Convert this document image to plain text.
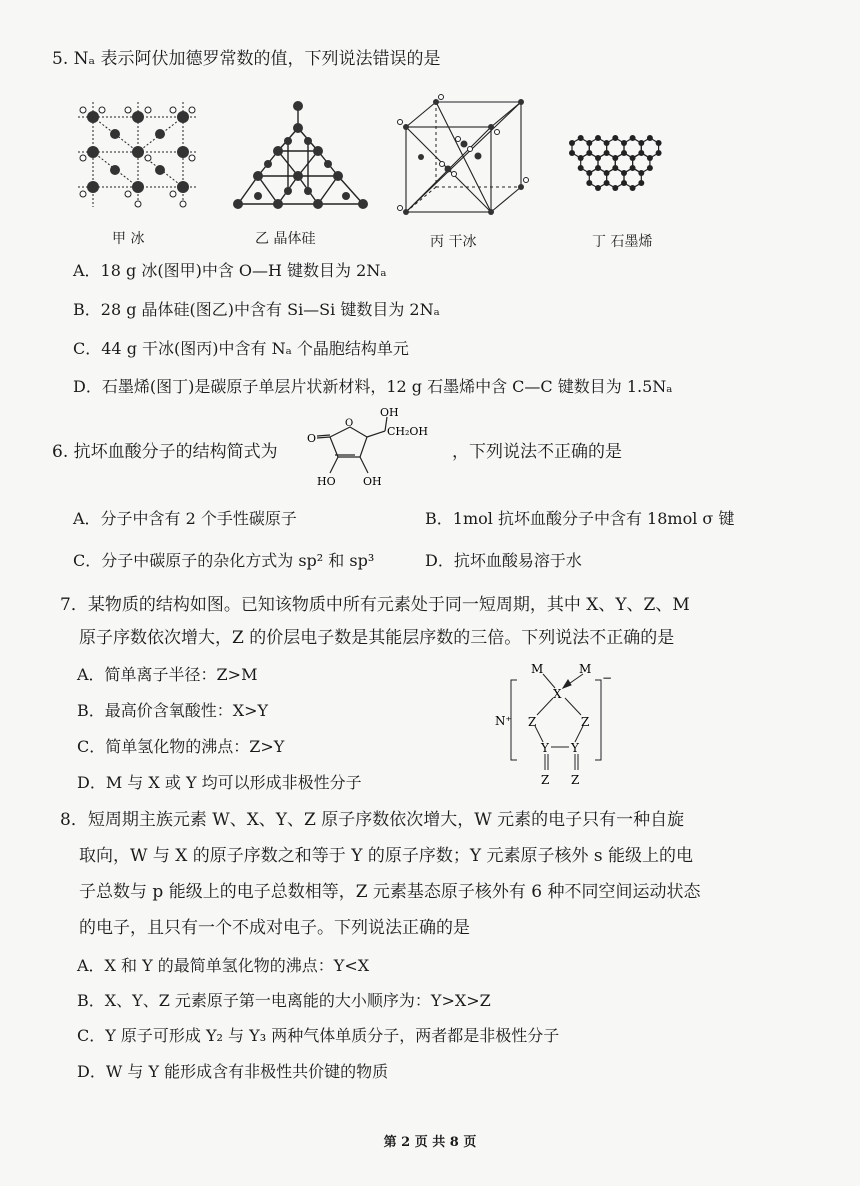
5. Nₐ 表示阿伏加德罗常数的值，下列说法错误的是
甲 冰	乙 晶体硅	丙 干冰	丁 石墨烯
A．18 g 冰(图甲)中含 O—H 键数目为 2Nₐ
B．28 g 晶体硅(图乙)中含有 Si—Si 键数目为 2Nₐ
C．44 g 干冰(图丙)中含有 Nₐ 个晶胞结构单元
D．石墨烯(图丁)是碳原子单层片状新材料，12 g 石墨烯中含 C—C 键数目为 1.5Nₐ
6. 抗坏血酸分子的结构简式为
O
O
OH
CH₂OH
HO OH
，下列说法不正确的是
A．分子中含有 2 个手性碳原子	B．1mol 抗坏血酸分子中含有 18mol σ 键
C．分子中碳原子的杂化方式为 sp² 和 sp³	D．抗坏血酸易溶于水
7．某物质的结构如图。已知该物质中所有元素处于同一短周期，其中 X、Y、Z、M
原子序数依次增大，Z 的价层电子数是其能层序数的三倍。下列说法不正确的是
A．简单离子半径：Z>M
B．最高价含氧酸性：X>Y
C．简单氢化物的沸点：Z>Y
D．M 与 X 或 Y 均可以形成非极性分子
M	M
X
Z	Z
Y Y
Z Z
N⁺
−
8．短周期主族元素 W、X、Y、Z 原子序数依次增大，W 元素的电子只有一种自旋
取向，W 与 X 的原子序数之和等于 Y 的原子序数；Y 元素原子核外 s 能级上的电
子总数与 p 能级上的电子总数相等，Z 元素基态原子核外有 6 种不同空间运动状态
的电子，且只有一个不成对电子。下列说法正确的是
A．X 和 Y 的最简单氢化物的沸点：Y<X
B．X、Y、Z 元素原子第一电离能的大小顺序为：Y>X>Z
C．Y 原子可形成 Y₂ 与 Y₃ 两种气体单质分子，两者都是非极性分子
D．W 与 Y 能形成含有非极性共价键的物质
第 2 页 共 8 页
